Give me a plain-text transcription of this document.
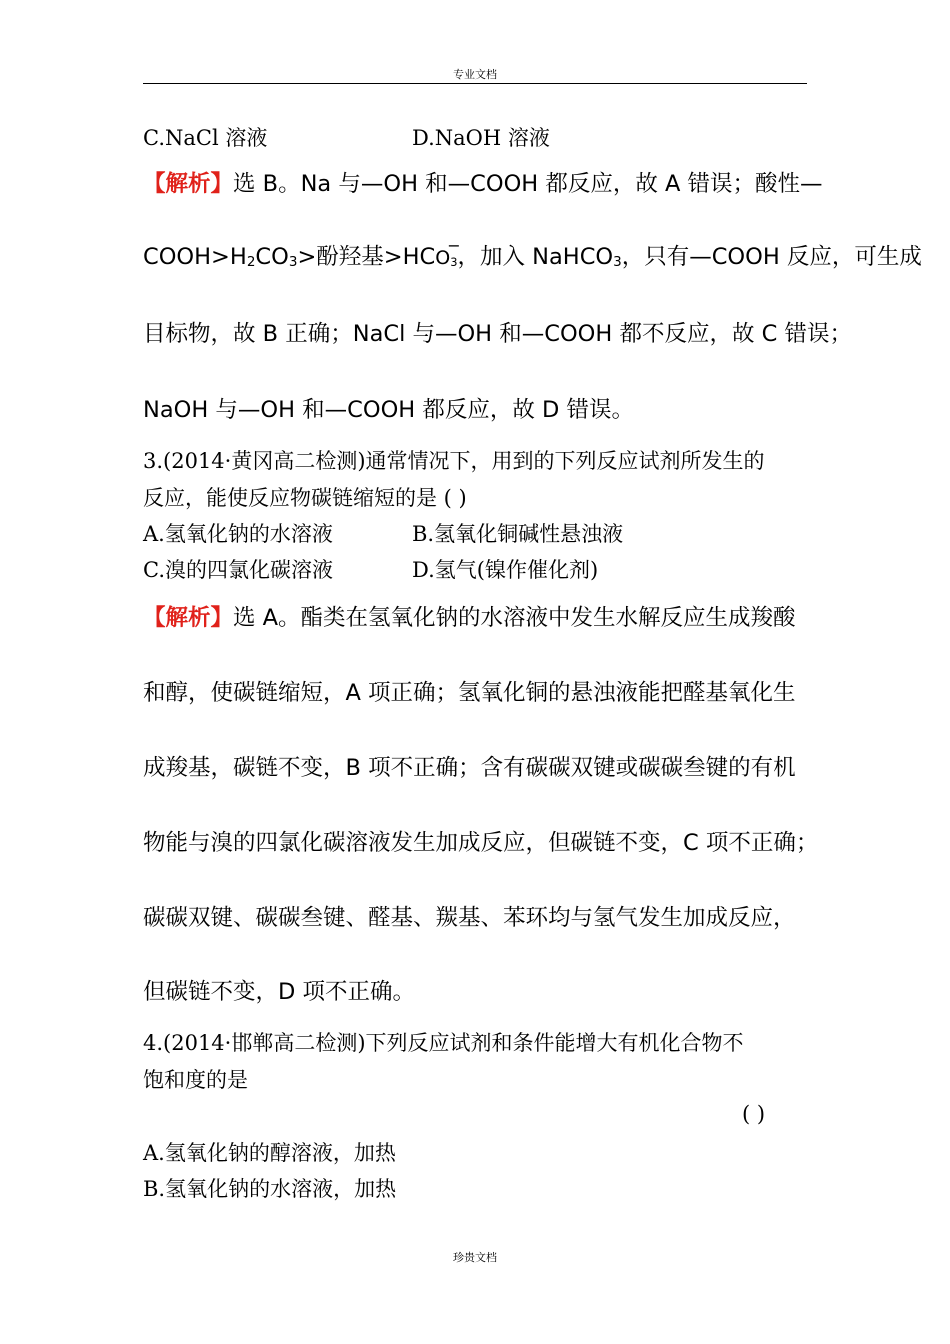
专业文档
C.NaCl 溶液	D.NaOH 溶液
【解析】选 B。Na 与—OH 和—COOH 都反应，故 A 错误；酸性—
$COOH>H_2CO_3>$酚羟基$>HCO_3$
−
，加入 NaHCO$_3$，只有—COOH 反应，可生成
目标物，故 B 正确；NaCl 与—OH 和—COOH 都不反应，故 C 错误；
NaOH 与—OH 和—COOH 都反应，故 D 错误。
3.(2014·黄冈高二检测)通常情况下，用到的下列反应试剂所发生的
反应，能使反应物碳链缩短的是 ( )
A.氢氧化钠的水溶液	B.氢氧化铜碱性悬浊液
C.溴的四氯化碳溶液	D.氢气(镍作催化剂)
【解析】选 A。酯类在氢氧化钠的水溶液中发生水解反应生成羧酸
和醇，使碳链缩短，A 项正确；氢氧化铜的悬浊液能把醛基氧化生
成羧基，碳链不变，B 项不正确；含有碳碳双键或碳碳叁键的有机
物能与溴的四氯化碳溶液发生加成反应，但碳链不变，C 项不正确；
碳碳双键、碳碳叁键、醛基、羰基、苯环均与氢气发生加成反应，
但碳链不变，D 项不正确。
4.(2014·邯郸高二检测)下列反应试剂和条件能增大有机化合物不
饱和度的是
( )
A.氢氧化钠的醇溶液，加热
B.氢氧化钠的水溶液，加热
珍贵文档
